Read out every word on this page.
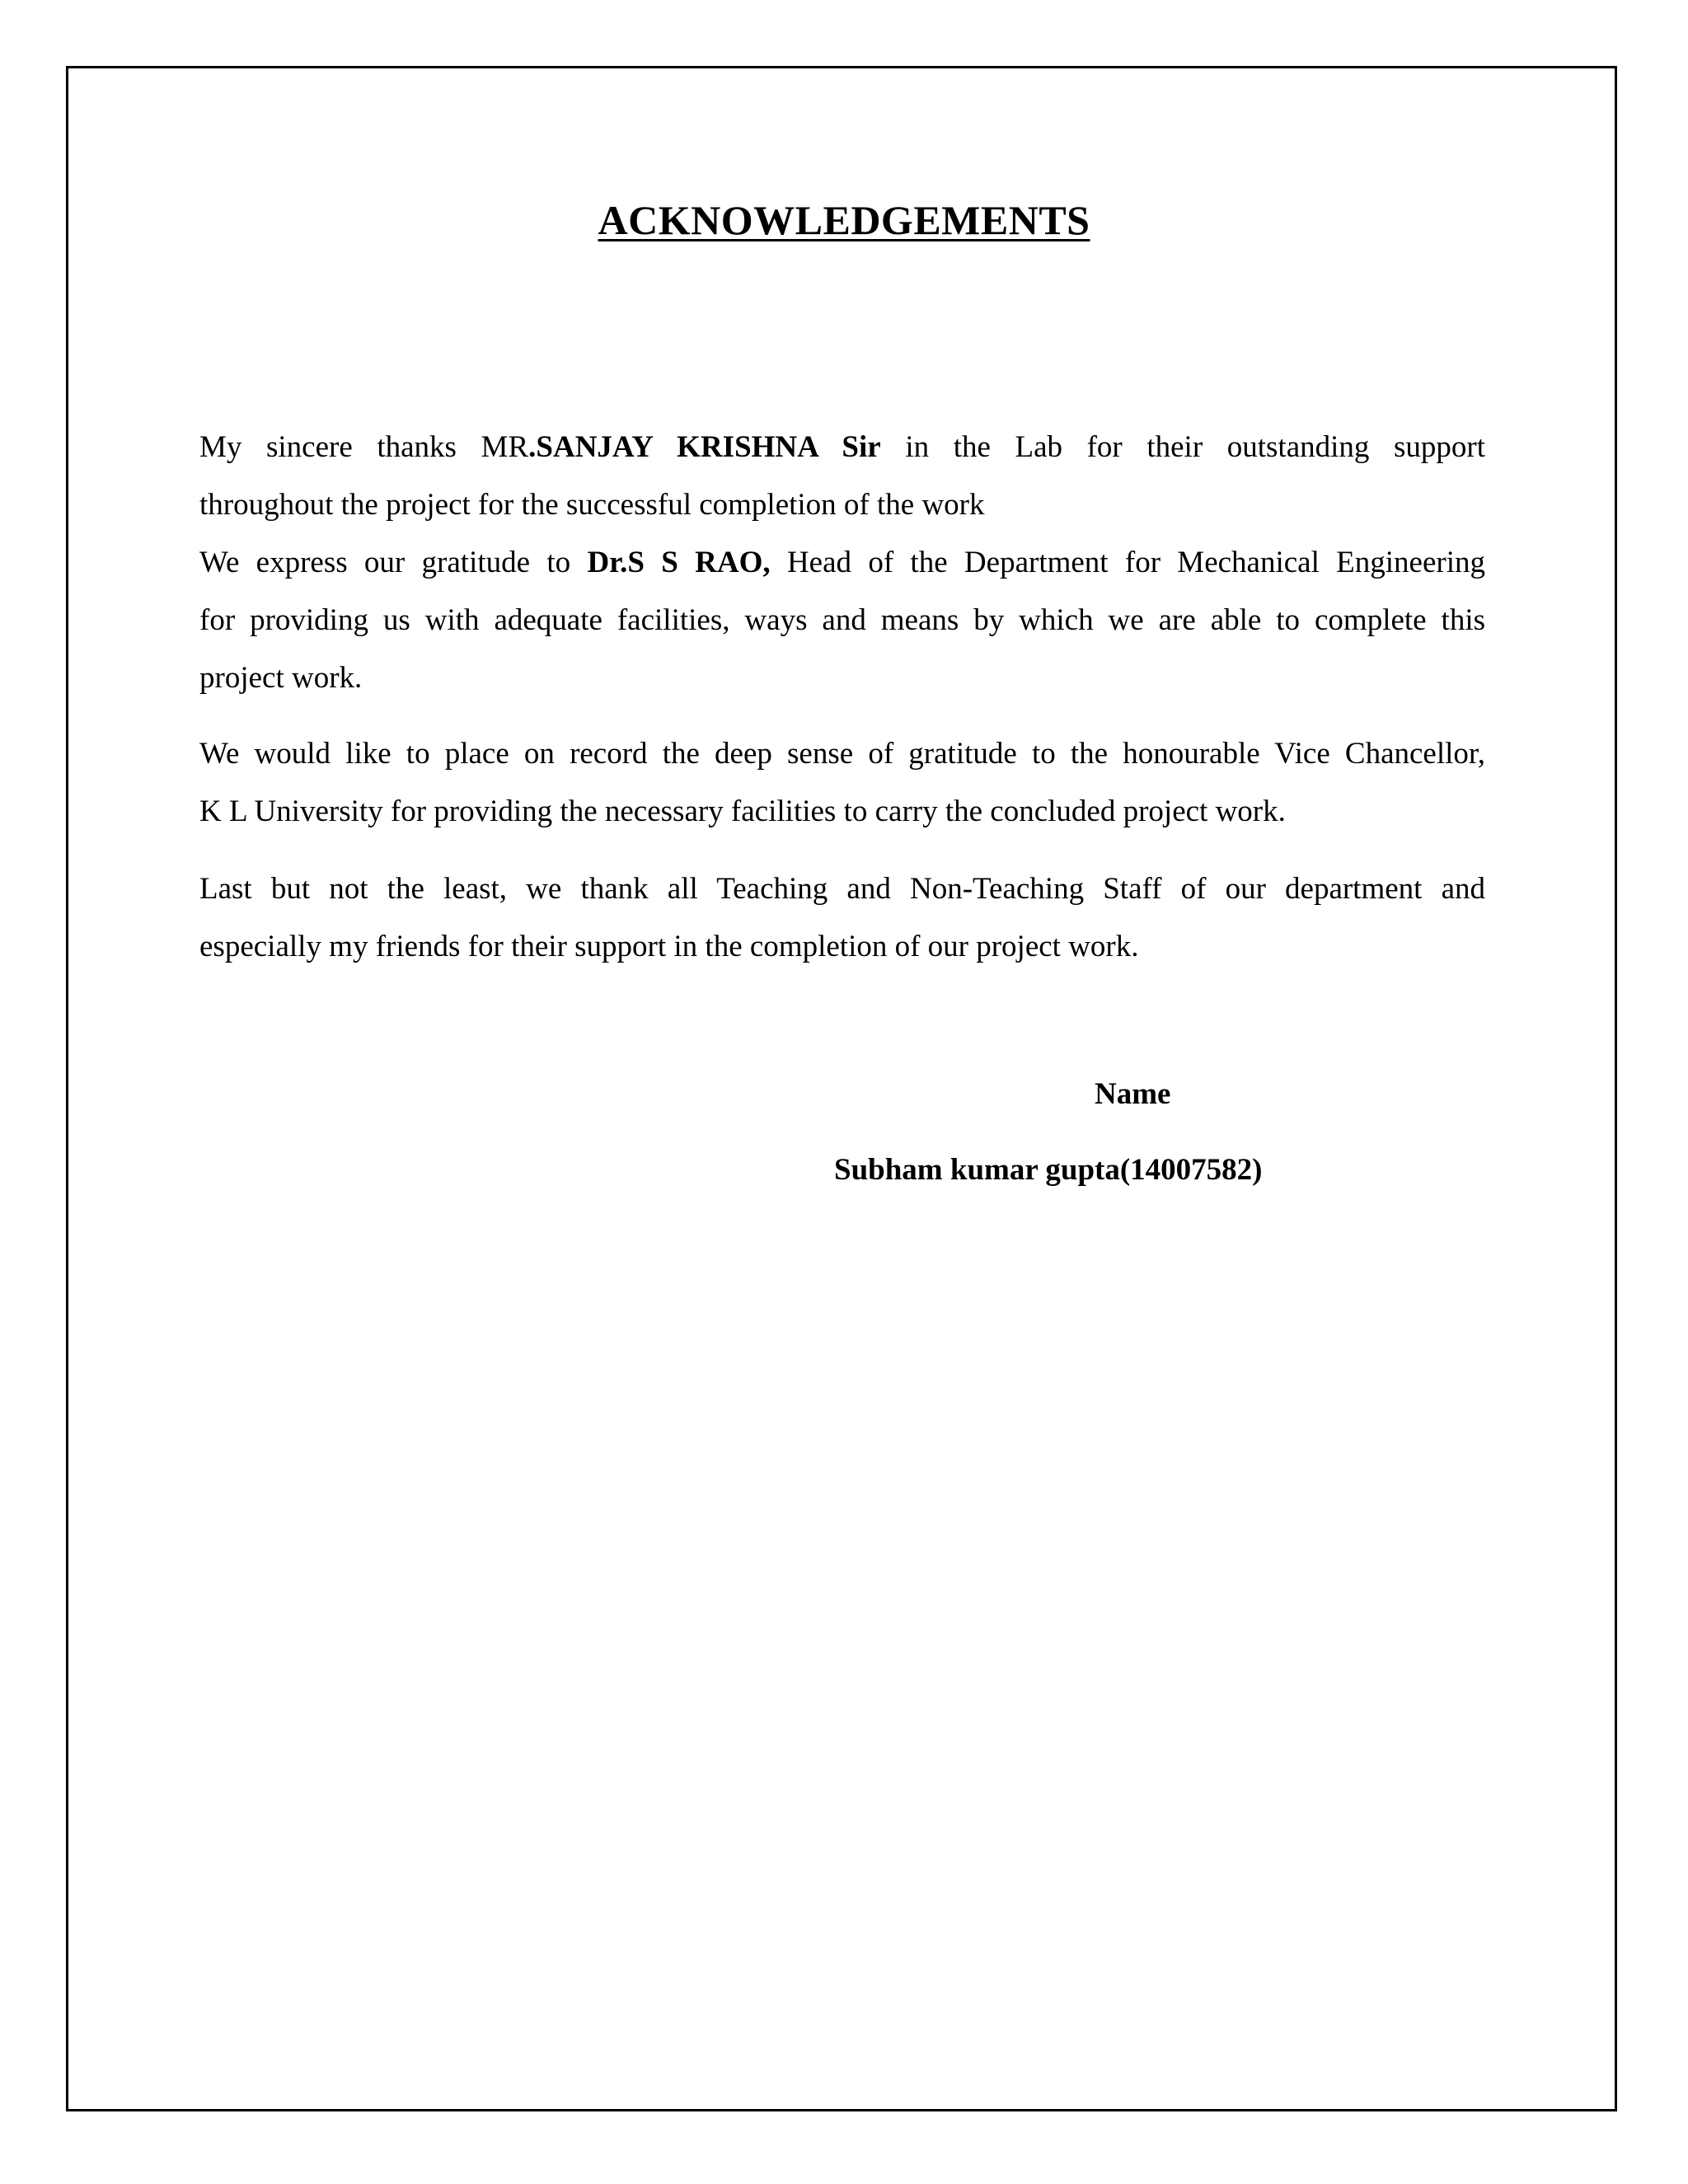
ACKNOWLEDGEMENTS
My sincere thanks MR.SANJAY KRISHNA Sir in the Lab for their outstanding support
throughout the project for the successful completion of the work
We express our gratitude to Dr.S S RAO, Head of the Department for Mechanical Engineering
for providing us with adequate facilities, ways and means by which we are able to complete this
project work.
We would like to place on record the deep sense of gratitude to the honourable Vice Chancellor,
K L University for providing the necessary facilities to carry the concluded project work.
Last but not the least, we thank all Teaching and Non-Teaching Staff of our department and
especially my friends for their support in the completion of our project work.

Name

Subham kumar gupta(14007582)
